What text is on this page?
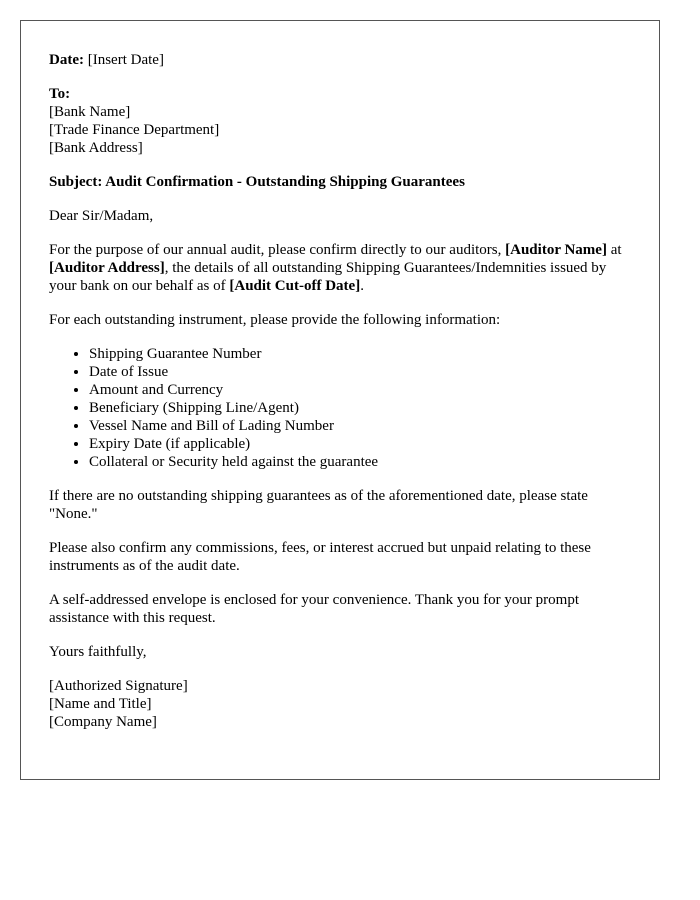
Date: [Insert Date]
To:
[Bank Name]
[Trade Finance Department]
[Bank Address]
Subject: Audit Confirmation - Outstanding Shipping Guarantees
Dear Sir/Madam,
For the purpose of our annual audit, please confirm directly to our auditors, [Auditor Name] at [Auditor Address], the details of all outstanding Shipping Guarantees/Indemnities issued by your bank on our behalf as of [Audit Cut-off Date].
For each outstanding instrument, please provide the following information:
• Shipping Guarantee Number
• Date of Issue
• Amount and Currency
• Beneficiary (Shipping Line/Agent)
• Vessel Name and Bill of Lading Number
• Expiry Date (if applicable)
• Collateral or Security held against the guarantee
If there are no outstanding shipping guarantees as of the aforementioned date, please state "None."
Please also confirm any commissions, fees, or interest accrued but unpaid relating to these instruments as of the audit date.
A self-addressed envelope is enclosed for your convenience. Thank you for your prompt assistance with this request.
Yours faithfully,
[Authorized Signature]
[Name and Title]
[Company Name]
